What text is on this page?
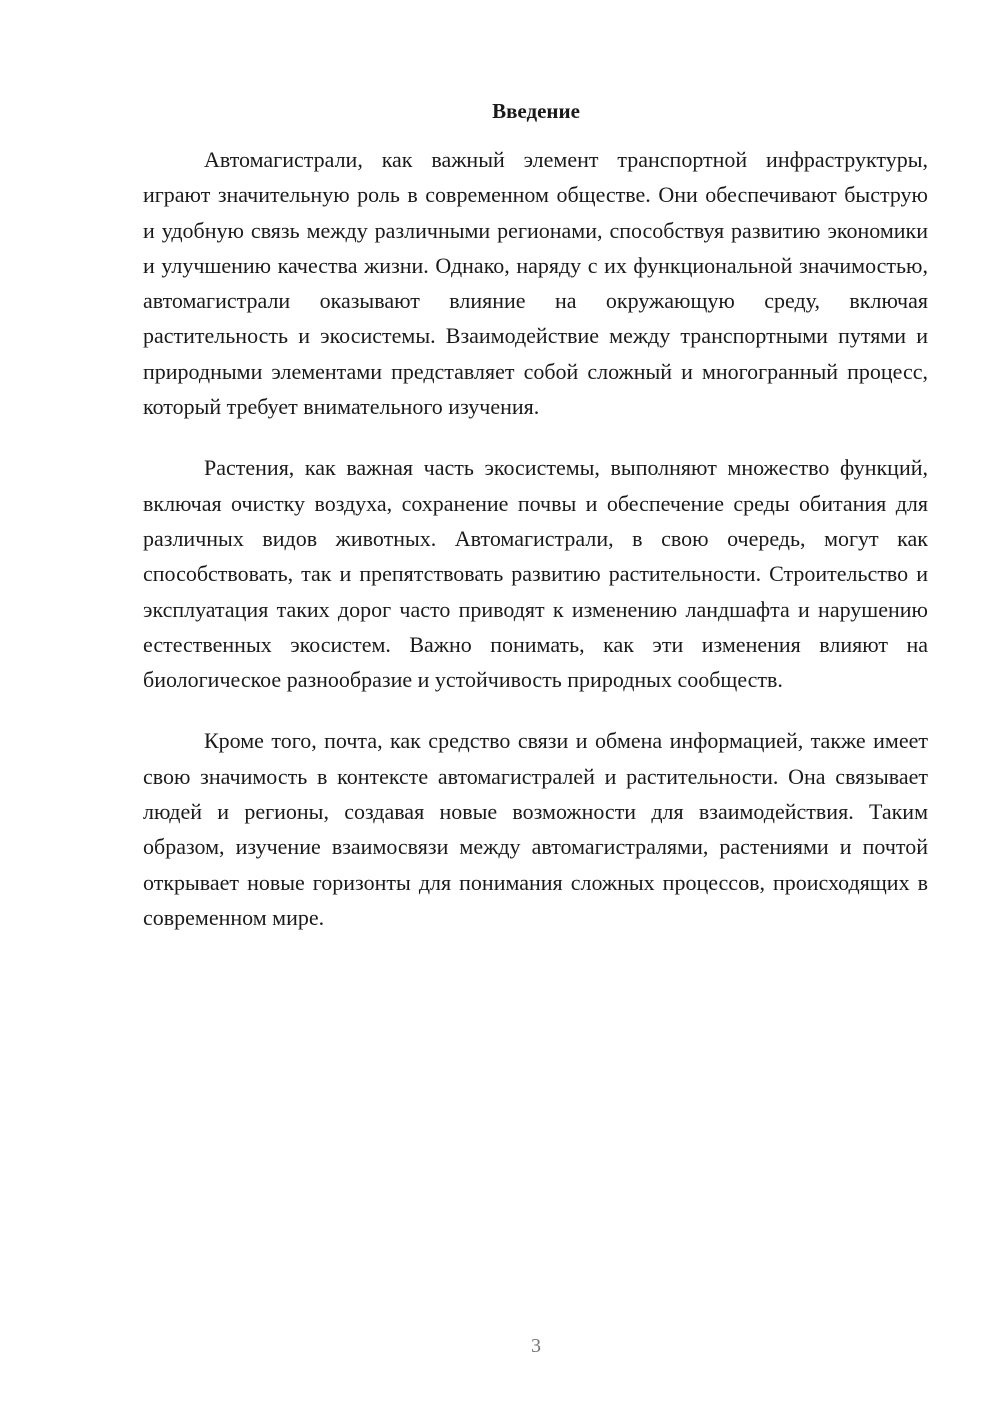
Введение

Автомагистрали, как важный элемент транспортной инфраструктуры, играют значительную роль в современном обществе. Они обеспечивают быструю и удобную связь между различными регионами, способствуя развитию экономики и улучшению качества жизни. Однако, наряду с их функциональной значимостью, автомагистрали оказывают влияние на окружающую среду, включая растительность и экосистемы. Взаимодействие между транспортными путями и природными элементами представляет собой сложный и многогранный процесс, который требует внимательного изучения.

Растения, как важная часть экосистемы, выполняют множество функций, включая очистку воздуха, сохранение почвы и обеспечение среды обитания для различных видов животных. Автомагистрали, в свою очередь, могут как способствовать, так и препятствовать развитию растительности. Строительство и эксплуатация таких дорог часто приводят к изменению ландшафта и нарушению естественных экосистем. Важно понимать, как эти изменения влияют на биологическое разнообразие и устойчивость природных сообществ.

Кроме того, почта, как средство связи и обмена информацией, также имеет свою значимость в контексте автомагистралей и растительности. Она связывает людей и регионы, создавая новые возможности для взаимодействия. Таким образом, изучение взаимосвязи между автомагистралями, растениями и почтой открывает новые горизонты для понимания сложных процессов, происходящих в современном мире.

3
